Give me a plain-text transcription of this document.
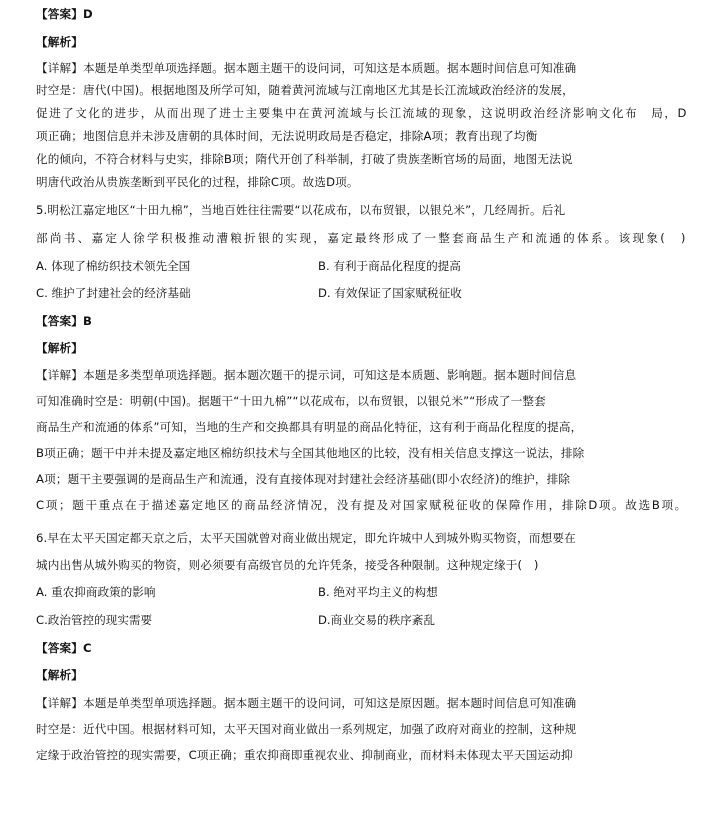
【答案】D
【解析】
【详解】本题是单类型单项选择题。据本题主题干的设问词，可知这是本质题。据本题时间信息可知准确
时空是：唐代(中国)。根据地图及所学可知，随着黄河流域与江南地区尤其是长江流域政治经济的发展，
促进了文化的进步，从而出现了进士主要集中在黄河流域与长江流域的现象，这说明政治经济影响文化布　局，D
项正确；地图信息并未涉及唐朝的具体时间，无法说明政局是否稳定，排除A项；教育出现了均衡
化的倾向，不符合材料与史实，排除B项；隋代开创了科举制，打破了贵族垄断官场的局面，地图无法说
明唐代政治从贵族垄断到平民化的过程，排除C项。故选D项。
5.明松江嘉定地区“十田九棉”，当地百姓往往需要“以花成布，以布贸银，以银兑米”，几经周折。后礼
部尚书、嘉定人徐学积极推动漕粮折银的实现，嘉定最终形成了一整套商品生产和流通的体系。该现象(　)
【答案】B
【解析】
【详解】本题是多类型单项选择题。据本题次题干的提示词，可知这是本质题、影响题。据本题时间信息
可知准确时空是：明朝(中国)。据题干“十田九棉”“以花成布，以布贸银，以银兑米”“形成了一整套
商品生产和流通的体系”可知，当地的生产和交换都具有明显的商品化特征，这有利于商品化程度的提高，
B项正确；题干中并未提及嘉定地区棉纺织技术与全国其他地区的比较，没有相关信息支撑这一说法，排除
A项；题干主要强调的是商品生产和流通，没有直接体现对封建社会经济基础(即小农经济)的维护，排除
C项；题干重点在于描述嘉定地区的商品经济情况，没有提及对国家赋税征收的保障作用，排除D项。故选B项。
6.早在太平天国定都天京之后，太平天国就曾对商业做出规定，即允许城中人到城外购买物资，而想要在
城内出售从城外购买的物资，则必须要有高级官员的允许凭条，接受各种限制。这种规定缘于(　)
【答案】C
【解析】
【详解】本题是单类型单项选择题。据本题主题干的设问词，可知这是原因题。据本题时间信息可知准确
时空是：近代中国。根据材料可知，太平天国对商业做出一系列规定，加强了政府对商业的控制，这种规
定缘于政治管控的现实需要，C项正确；重农抑商即重视农业、抑制商业，而材料未体现太平天国运动抑
A. 体现了棉纺织技术领先全国	B. 有利于商品化程度的提高
C. 维护了封建社会的经济基础	D. 有效保证了国家赋税征收
A. 重农抑商政策的影响	B. 绝对平均主义的构想
C.政治管控的现实需要	D.商业交易的秩序紊乱
